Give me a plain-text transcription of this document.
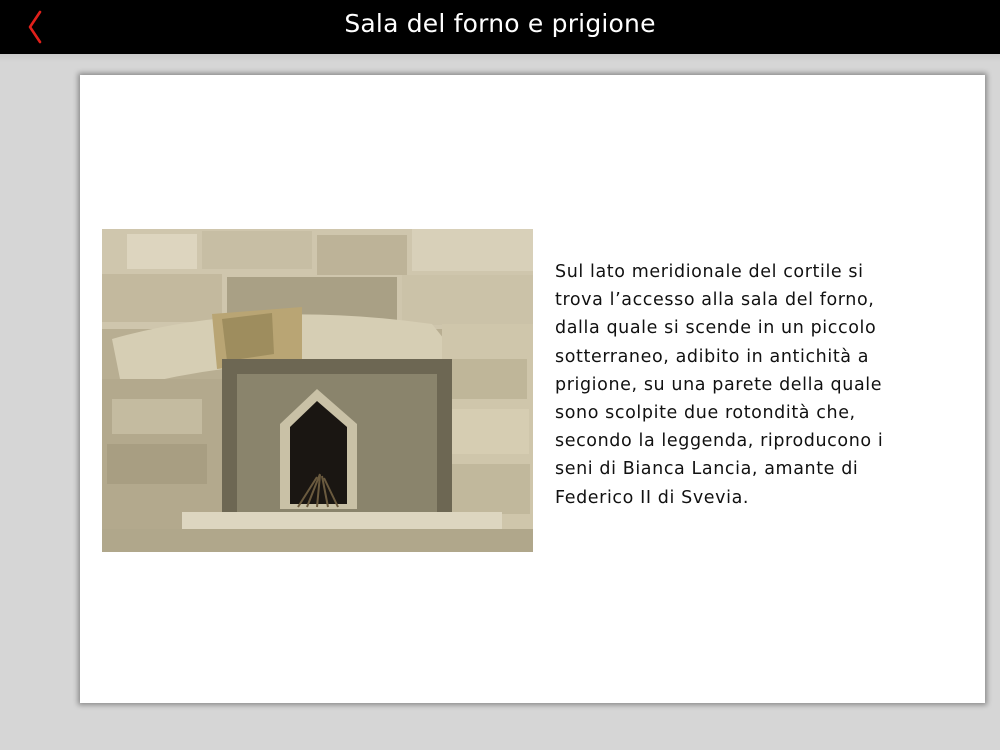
Sala del forno e prigione

Sul lato meridionale del cortile si
trova l’accesso alla sala del forno,
dalla quale si scende in un piccolo
sotterraneo, adibito in antichità a
prigione, su una parete della quale
sono scolpite due rotondità che,
secondo la leggenda, riproducono i
seni di Bianca Lancia, amante di
Federico II di Svevia.
